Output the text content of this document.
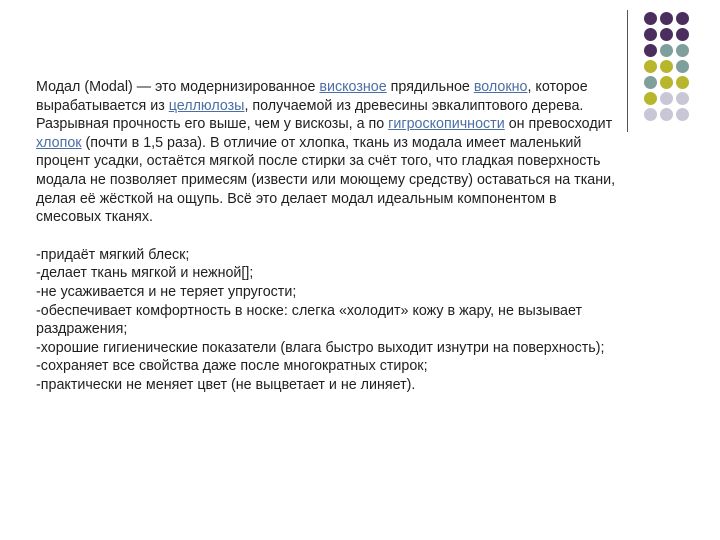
Модал (Modal) — это модернизированное вискозное прядильное волокно, которое вырабатывается из целлюлозы, получаемой из древесины эвкалиптового дерева. Разрывная прочность его выше, чем у вискозы, а по гигроскопичности он превосходит хлопок (почти в 1,5 раза). В отличие от хлопка, ткань из модала имеет маленький процент усадки, остаётся мягкой после стирки за счёт того, что гладкая поверхность модала не позволяет примесям (извести или моющему средству) оставаться на ткани, делая её жёсткой на ощупь. Всё это делает модал идеальным компонентом в смесовых тканях.

-придаёт мягкий блеск;
-делает ткань мягкой и нежной[];
-не усаживается и не теряет упругости;
-обеспечивает комфортность в носке: слегка «холодит» кожу в жару, не вызывает раздражения;
-хорошие гигиенические показатели (влага быстро выходит изнутри на поверхность);
-сохраняет все свойства даже после многократных стирок;
-практически не меняет цвет (не выцветает и не линяет).
